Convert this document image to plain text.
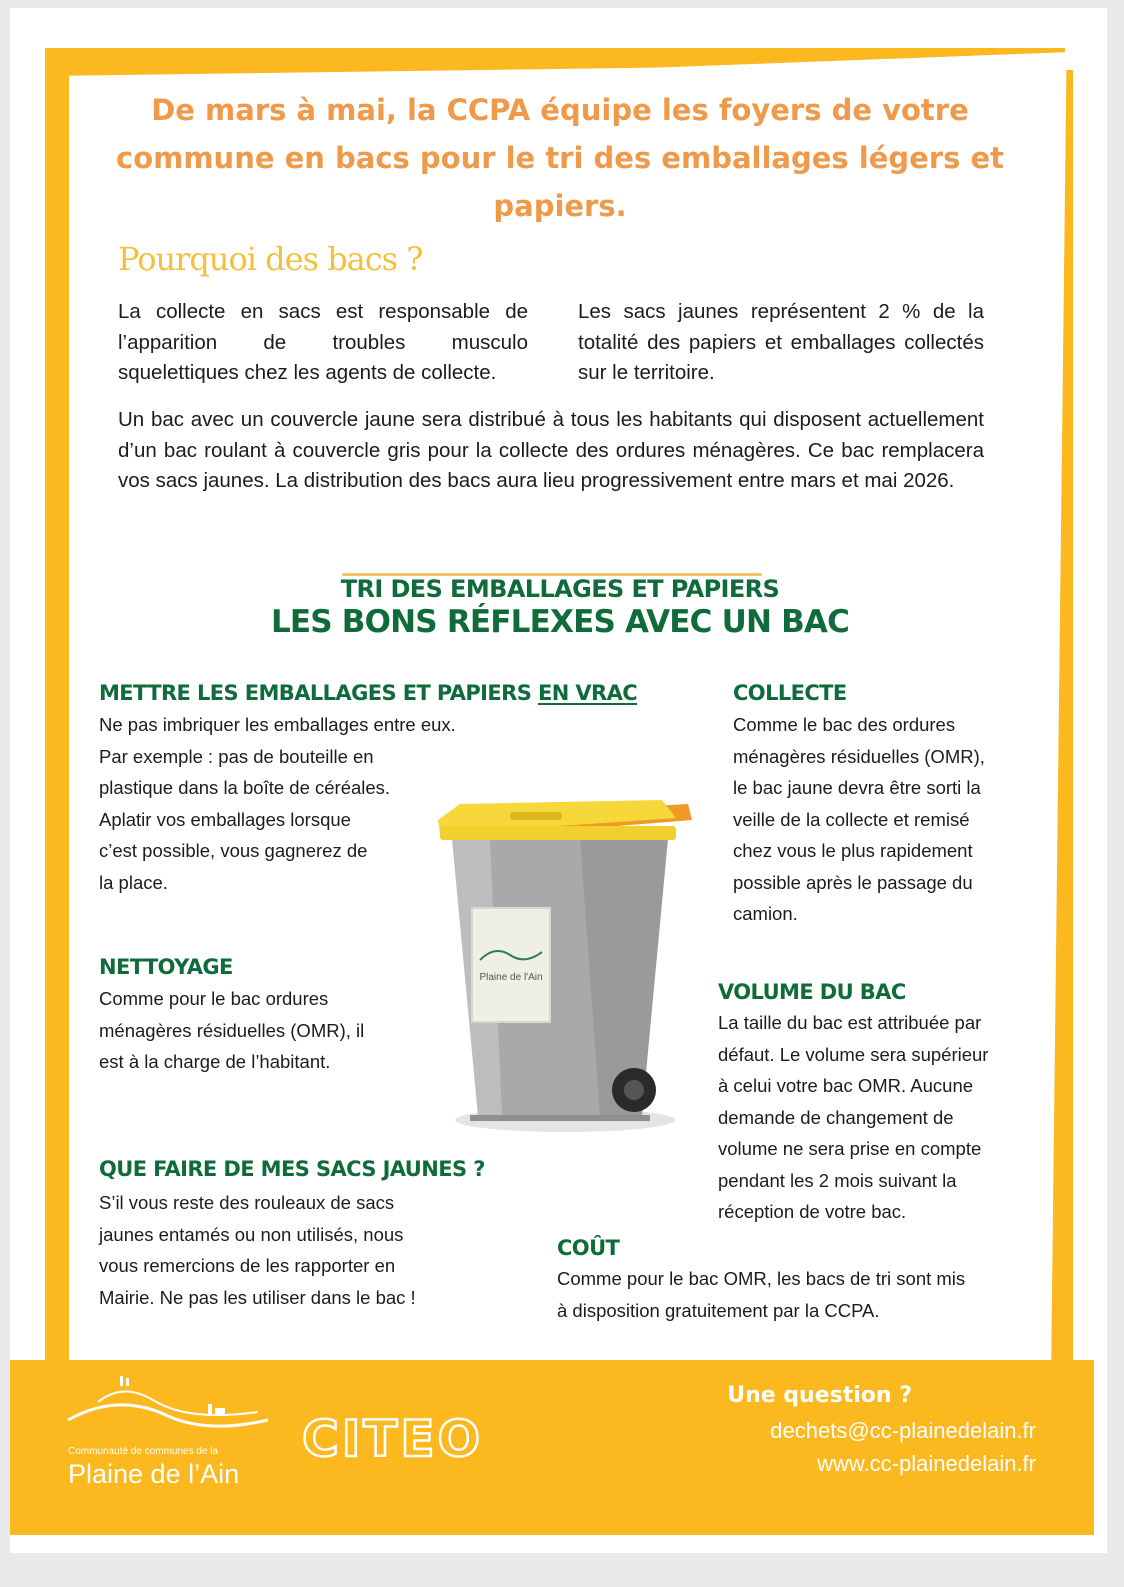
De mars à mai, la CCPA équipe les foyers de votre commune en bacs pour le tri des emballages légers et papiers.
Pourquoi des bacs ?

La collecte en sacs est responsable de l’apparition de troubles musculo squelettiques chez les agents de collecte.

Les sacs jaunes représentent 2 % de la totalité des papiers et emballages collectés sur le territoire.

Un bac avec un couvercle jaune sera distribué à tous les habitants qui disposent actuellement d’un bac roulant à couvercle gris pour la collecte des ordures ménagères. Ce bac remplacera vos sacs jaunes. La distribution des bacs aura lieu progressivement entre mars et mai 2026.

TRI DES EMBALLAGES ET PAPIERS
LES BONS RÉFLEXES AVEC UN BAC
METTRE LES EMBALLAGES ET PAPIERS EN VRAC

Ne pas imbriquer les emballages entre eux.
Par exemple : pas de bouteille en
plastique dans la boîte de céréales.
Aplatir vos emballages lorsque
c’est possible, vous gagnerez de
la place.

NETTOYAGE

Comme pour le bac ordures
ménagères résiduelles (OMR), il
est à la charge de l’habitant.

QUE FAIRE DE MES SACS JAUNES ?

S’il vous reste des rouleaux de sacs
jaunes entamés ou non utilisés, nous
vous remercions de les rapporter en
Mairie. Ne pas les utiliser dans le bac !

COLLECTE

Comme le bac des ordures
ménagères résiduelles (OMR),
le bac jaune devra être sorti la
veille de la collecte et remisé
chez vous le plus rapidement
possible après le passage du
camion.

VOLUME DU BAC

La taille du bac est attribuée par
défaut. Le volume sera supérieur
à celui votre bac OMR. Aucune
demande de changement de
volume ne sera prise en compte
pendant les 2 mois suivant la
réception de votre bac.

COÛT

Comme pour le bac OMR, les bacs de tri sont mis
à disposition gratuitement par la CCPA.

Plaine de l'Ain

Communauté de communes de la

Plaine de l’Ain

CITEO

Une question ?

dechets@cc-plainedelain.fr

www.cc-plainedelain.fr
